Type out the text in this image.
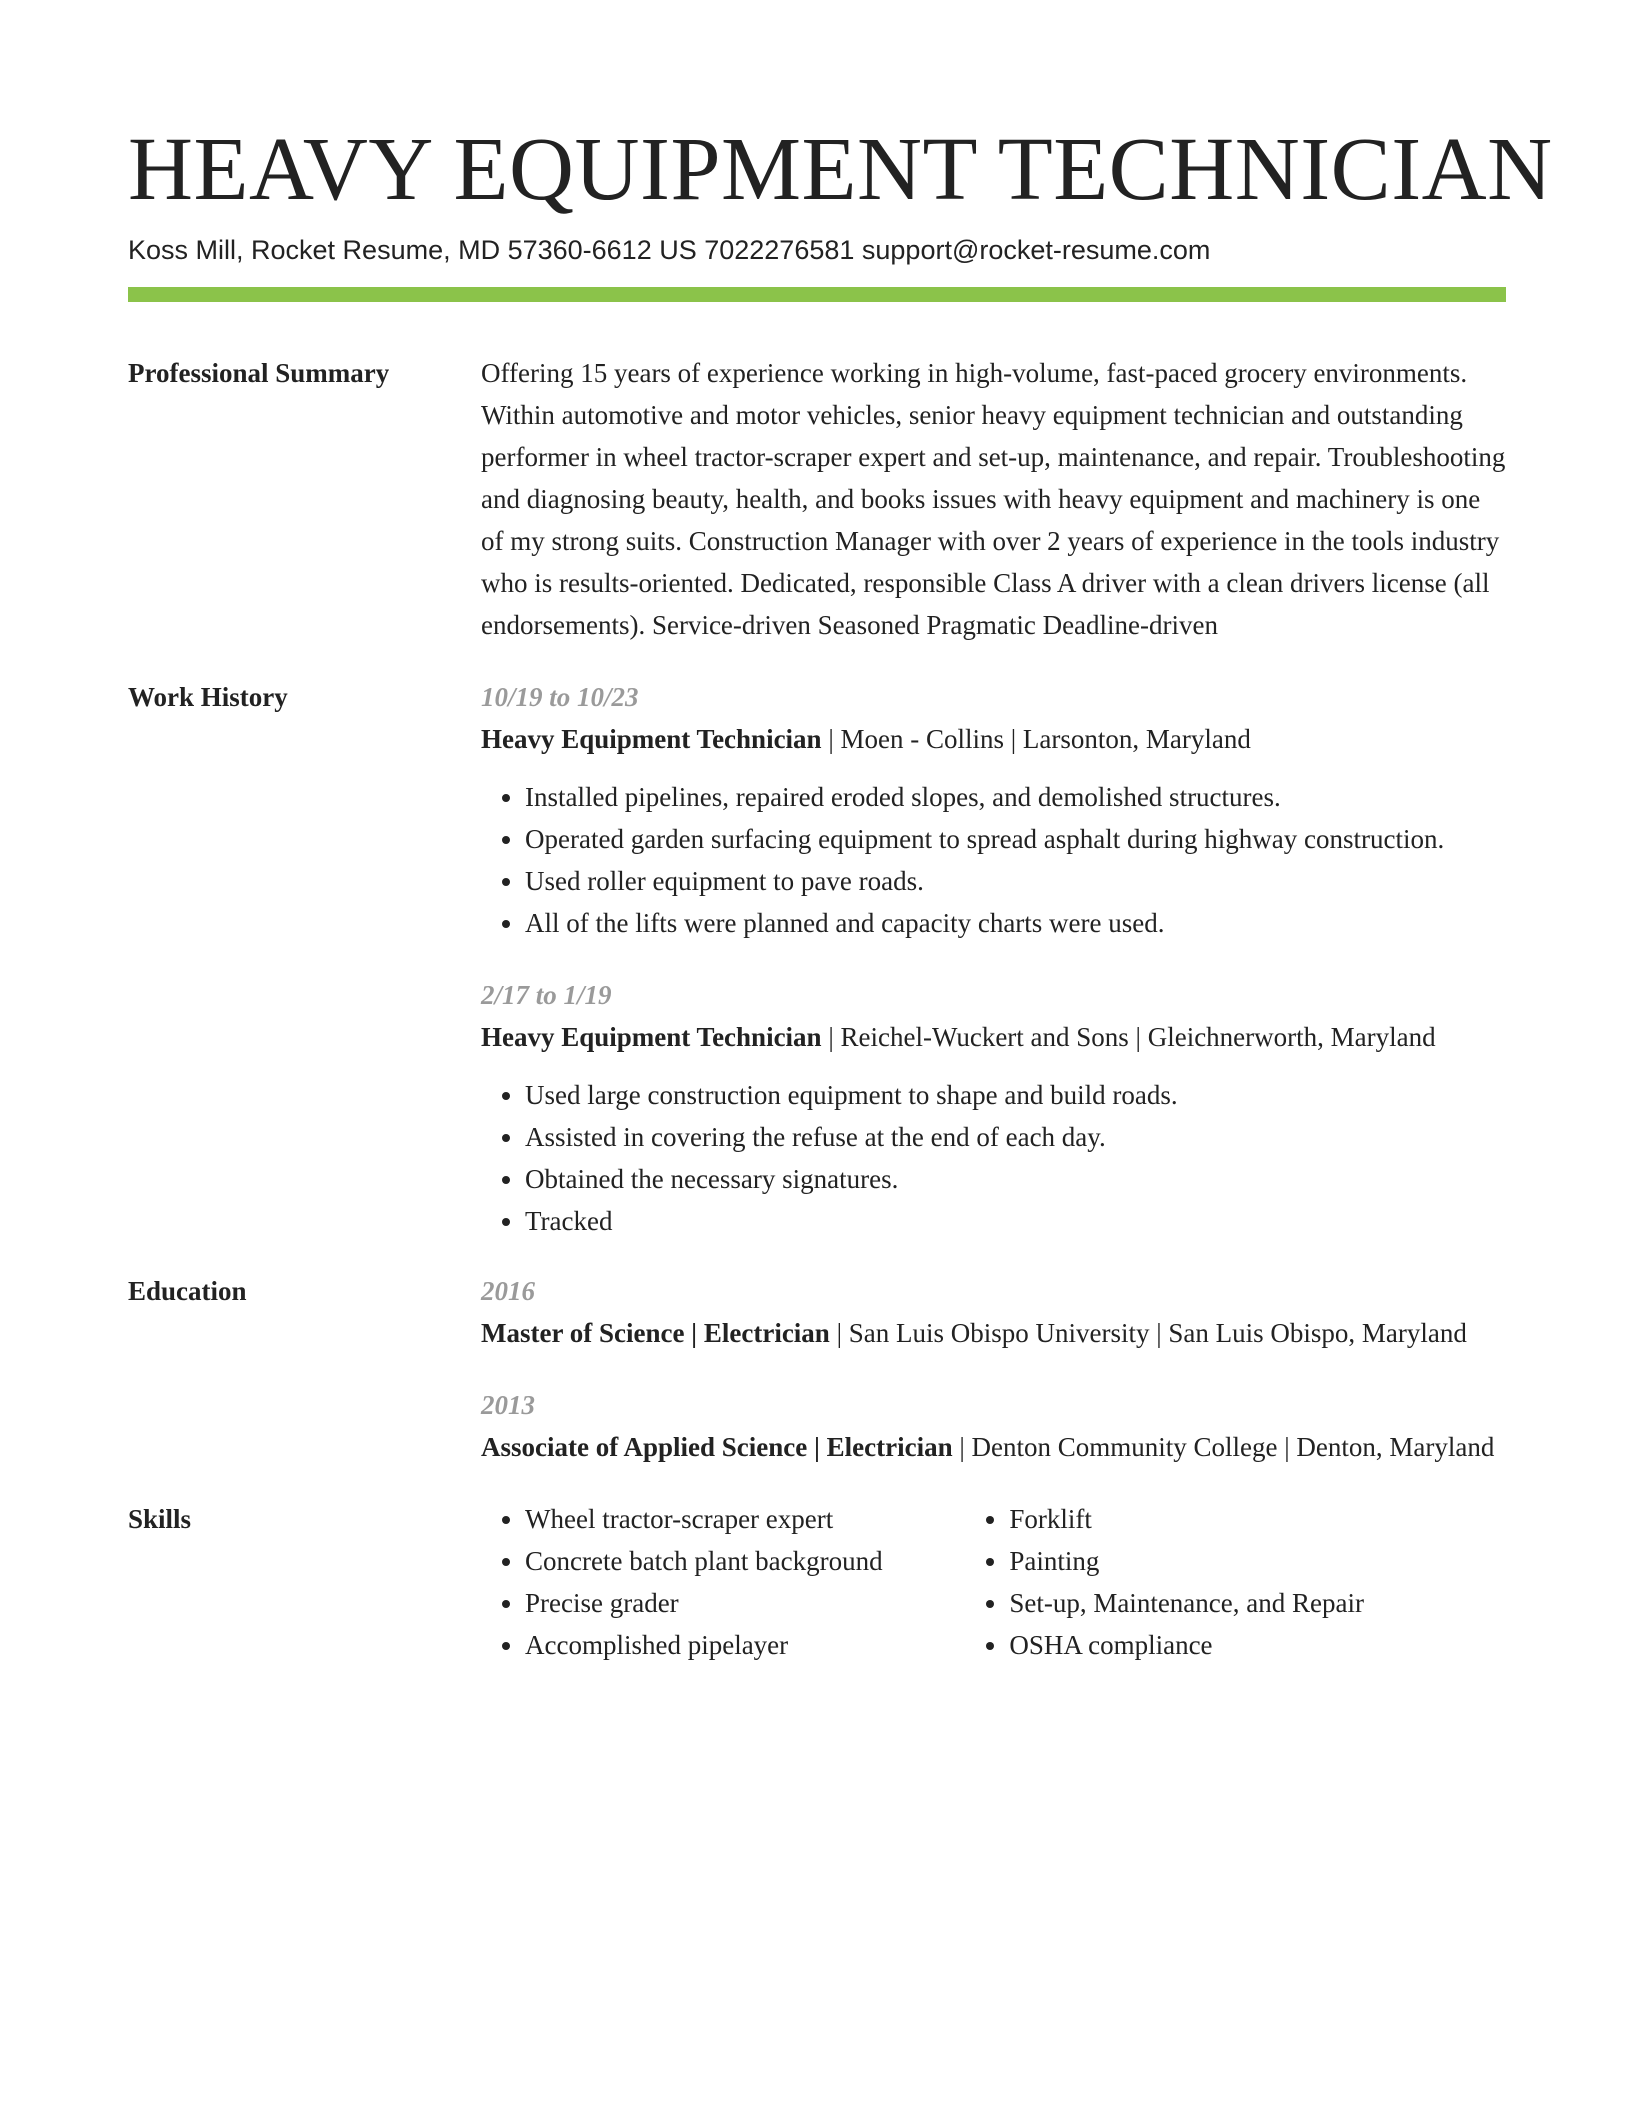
HEAVY EQUIPMENT TECHNICIAN
Koss Mill, Rocket Resume, MD 57360-6612 US 7022276581 support@rocket-resume.com
Professional Summary	Offering 15 years of experience working in high-volume, fast-paced grocery environments. Within automotive and motor vehicles, senior heavy equipment technician and outstanding performer in wheel tractor-scraper expert and set-up, maintenance, and repair. Troubleshooting and diagnosing beauty, health, and books issues with heavy equipment and machinery is one of my strong suits. Construction Manager with over 2 years of experience in the tools industry who is results-oriented. Dedicated, responsible Class A driver with a clean drivers license (all endorsements). Service-driven Seasoned Pragmatic Deadline-driven
Work History	10/19 to 10/23
Heavy Equipment Technician | Moen - Collins | Larsonton, Maryland
• Installed pipelines, repaired eroded slopes, and demolished structures.
• Operated garden surfacing equipment to spread asphalt during highway construction.
• Used roller equipment to pave roads.
• All of the lifts were planned and capacity charts were used.
2/17 to 1/19
Heavy Equipment Technician | Reichel-Wuckert and Sons | Gleichnerworth, Maryland
• Used large construction equipment to shape and build roads.
• Assisted in covering the refuse at the end of each day.
• Obtained the necessary signatures.
• Tracked
Education	2016
Master of Science | Electrician | San Luis Obispo University | San Luis Obispo, Maryland
2013
Associate of Applied Science | Electrician | Denton Community College | Denton, Maryland
Skills
•	Wheel tractor-scraper expert
• Concrete batch plant background
• Precise grader
• Accomplished pipelayer
• Forklift
• Painting
• Set-up, Maintenance, and Repair
• OSHA compliance
